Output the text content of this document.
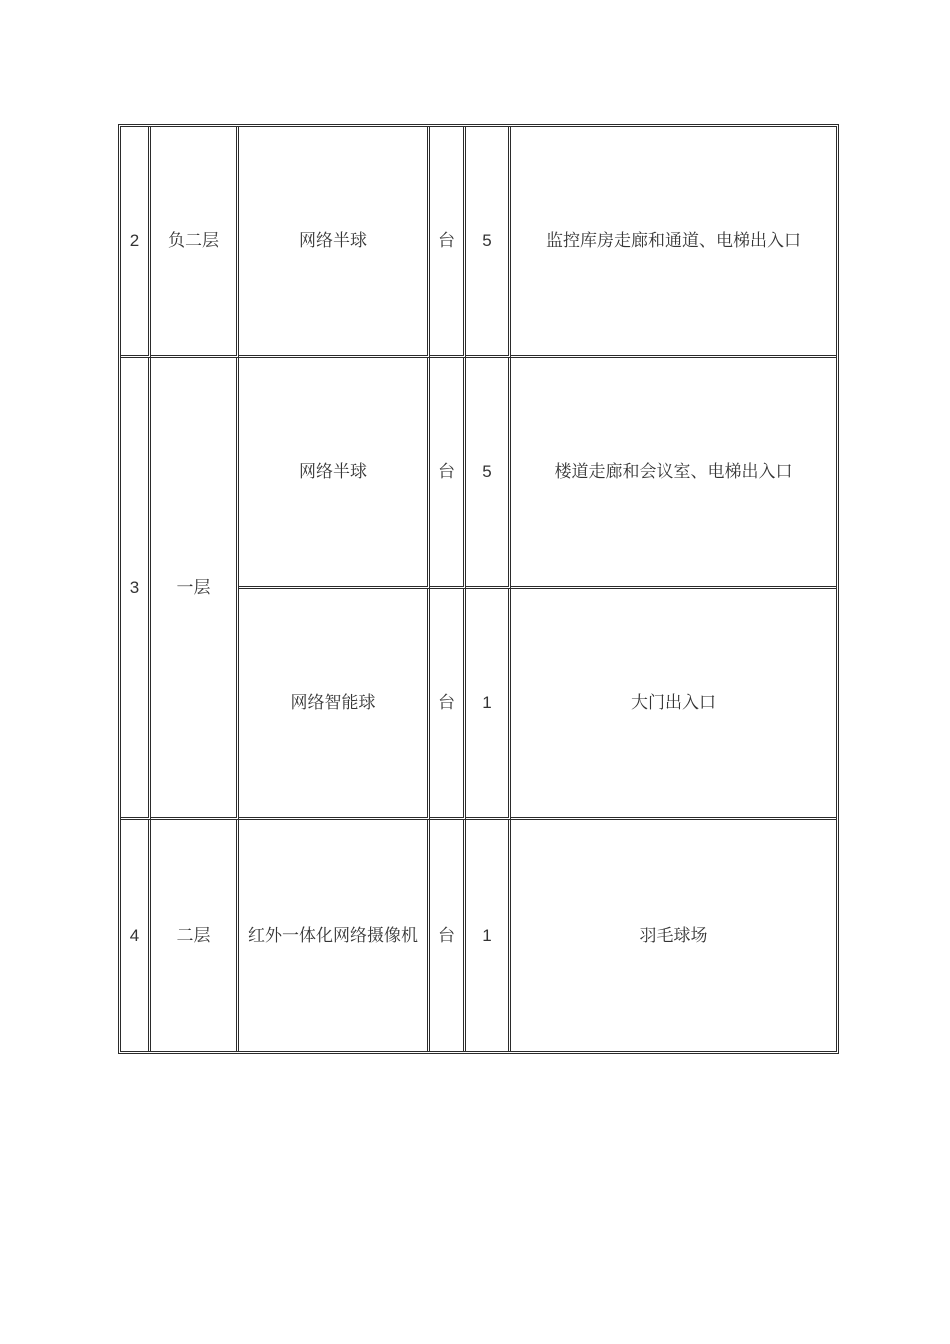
2	负二层	网络半球	台	5	监控库房走廊和通道、电梯出入口
3	一层	网络半球	台	5	楼道走廊和会议室、电梯出入口
		网络智能球	台	1	大门出入口
4	二层	红外一体化网络摄像机	台	1	羽毛球场
